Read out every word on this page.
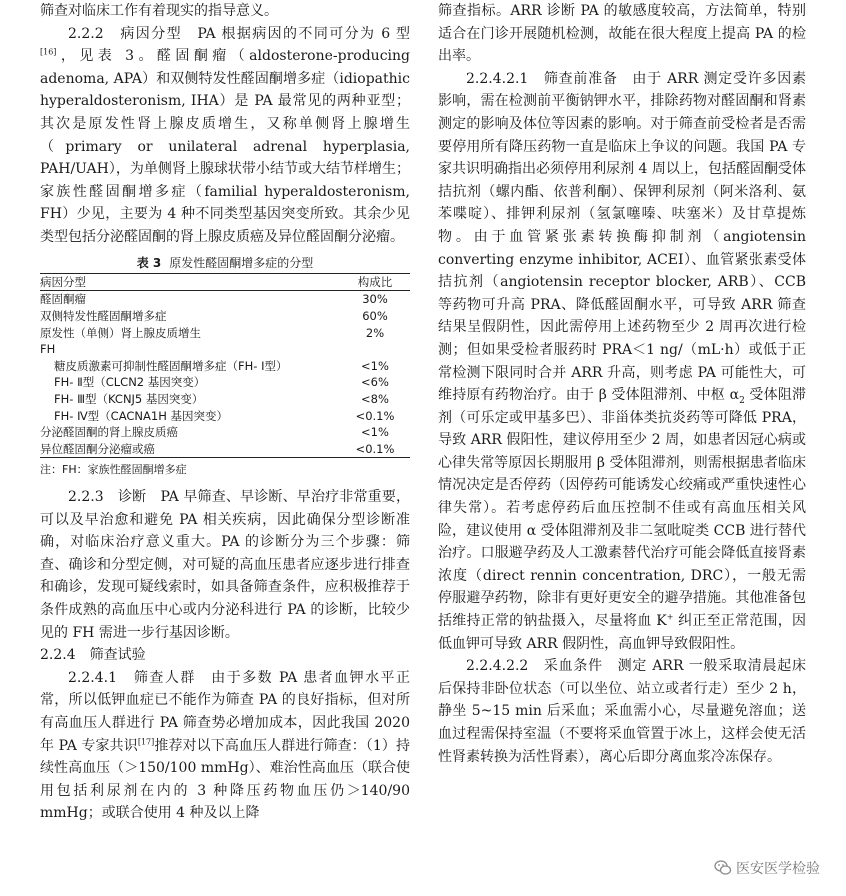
筛查对临床工作有着现实的指导意义。

2.2.2　病因分型　PA 根据病因的不同可分为 6 型[16]，见表 3。醛固酮瘤（aldosterone-producing adenoma, APA）和双侧特发性醛固酮增多症（idiopathic hyperaldosteronism, IHA）是 PA 最常见的两种亚型；其次是原发性肾上腺皮质增生，又称单侧肾上腺增生（primary or unilateral adrenal hyperplasia, PAH/UAH），为单侧肾上腺球状带小结节或大结节样增生；家族性醛固酮增多症（familial hyperaldosteronism, FH）少见，主要为 4 种不同类型基因突变所致。其余少见类型包括分泌醛固酮的肾上腺皮质癌及异位醛固酮分泌瘤。

表 3 原发性醛固酮增多症的分型
病因分型	构成比
醛固酮瘤	30%
双侧特发性醛固酮增多症	60%
原发性（单侧）肾上腺皮质增生	2%
FH	
糖皮质激素可抑制性醛固酮增多症（FH- Ⅰ型）	<1%
FH- Ⅱ型（CLCN2 基因突变）	<6%
FH- Ⅲ型（KCNJ5 基因突变）	<8%
FH- Ⅳ型（CACNA1H 基因突变）	<0.1%
分泌醛固酮的肾上腺皮质癌	<1%
异位醛固酮分泌瘤或癌	<0.1%
注：FH：家族性醛固酮增多症

2.2.3　诊断　PA 早筛查、早诊断、早治疗非常重要，可以及早治愈和避免 PA 相关疾病，因此确保分型诊断准确，对临床治疗意义重大。PA 的诊断分为三个步骤：筛查、确诊和分型定侧，对可疑的高血压患者应逐步进行排查和确诊，发现可疑线索时，如具备筛查条件，应积极推荐于条件成熟的高血压中心或内分泌科进行 PA 的诊断，比较少见的 FH 需进一步行基因诊断。

2.2.4　筛查试验

2.2.4.1　筛查人群　由于多数 PA 患者血钾水平正常，所以低钾血症已不能作为筛查 PA 的良好指标，但对所有高血压人群进行 PA 筛查势必增加成本，因此我国 2020 年 PA 专家共识[17]推荐对以下高血压人群进行筛查：（1）持续性高血压（＞150/100 mmHg）、难治性高血压（联合使用包括利尿剂在内的 3 种降压药物血压仍＞140/90 mmHg；或联合使用 4 种及以上降

筛查指标。ARR 诊断 PA 的敏感度较高，方法简单，特别适合在门诊开展随机检测，故能在很大程度上提高 PA 的检出率。

2.2.4.2.1　筛查前准备　由于 ARR 测定受许多因素影响，需在检测前平衡钠钾水平，排除药物对醛固酮和肾素测定的影响及体位等因素的影响。对于筛查前受检者是否需要停用所有降压药物一直是临床上争议的问题。我国 PA 专家共识明确指出必须停用利尿剂 4 周以上，包括醛固酮受体拮抗剂（螺内酯、依普利酮）、保钾利尿剂（阿米洛利、氨苯喋啶）、排钾利尿剂（氢氯噻嗪、呋塞米）及甘草提炼物。由于血管紧张素转换酶抑制剂（angiotensin converting enzyme inhibitor, ACEI）、血管紧张素受体拮抗剂（angiotensin receptor blocker, ARB）、CCB 等药物可升高 PRA、降低醛固酮水平，可导致 ARR 筛查结果呈假阴性，因此需停用上述药物至少 2 周再次进行检测；但如果受检者服药时 PRA＜1 ng/（mL·h）或低于正常检测下限同时合并 ARR 升高，则考虑 PA 可能性大，可维持原有药物治疗。由于 β 受体阻滞剂、中枢 $\alpha_2$ 受体阻滞剂（可乐定或甲基多巴）、非甾体类抗炎药等可降低 PRA，导致 ARR 假阳性，建议停用至少 2 周，如患者因冠心病或心律失常等原因长期服用 β 受体阻滞剂，则需根据患者临床情况决定是否停药（因停药可能诱发心绞痛或严重快速性心律失常）。若考虑停药后血压控制不佳或有高血压相关风险，建议使用 α 受体阻滞剂及非二氢吡啶类 CCB 进行替代治疗。口服避孕药及人工激素替代治疗可能会降低直接肾素浓度（direct rennin concentration, DRC），一般无需停服避孕药物，除非有更好更安全的避孕措施。其他准备包括维持正常的钠盐摄入，尽量将血 K+ 纠正至正常范围，因低血钾可导致 ARR 假阴性，高血钾导致假阳性。

2.2.4.2.2　采血条件　测定 ARR 一般采取清晨起床后保持非卧位状态（可以坐位、站立或者行走）至少 2 h，静坐 5~15 min 后采血；采血需小心，尽量避免溶血；送血过程需保持室温（不要将采血管置于冰上，这样会使无活性肾素转换为活性肾素），离心后即分离血浆冷冻保存。

医安医学检验
